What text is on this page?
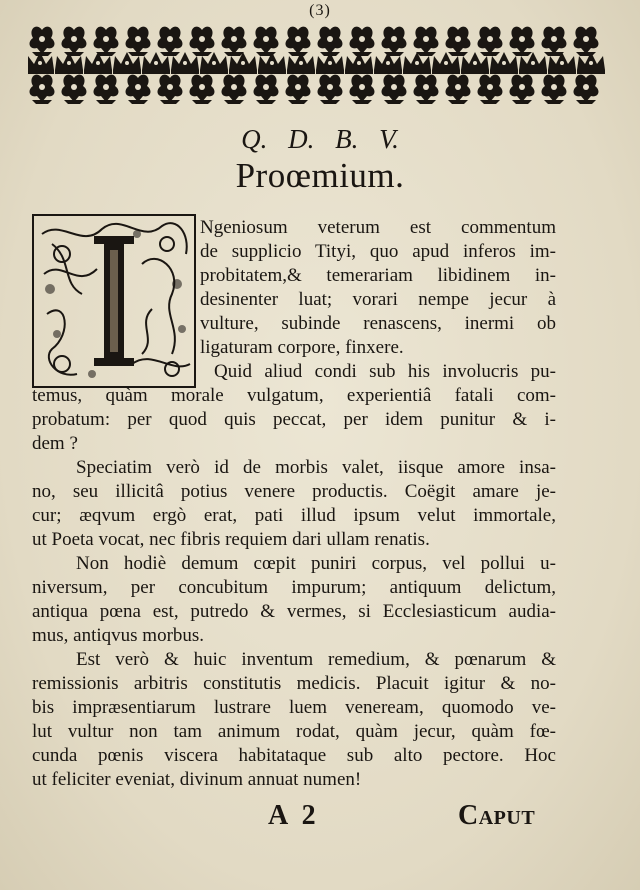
(3)
Q. D. B. V.
Proœmium.
Ngeniosum veterum est commentum
de supplicio Tityi, quo apud inferos im-
probitatem,& temerariam libidinem in-
desinenter luat; vorari nempe jecur à
vulture, subinde renascens, inermi ob
ligaturam corpore, finxere.
Quid aliud condi sub his involucris pu-
temus, quàm morale vulgatum, experientiâ fatali com-
probatum: per quod quis peccat, per idem punitur & i-
dem ?
Speciatim verò id de morbis valet, iisque amore insa-
no, seu illicitâ potius venere productis. Coëgit amare je-
cur; æqvum ergò erat, pati illud ipsum velut immortale,
ut Poeta vocat, nec fibris requiem dari ullam renatis.
Non hodiè demum cœpit puniri corpus, vel pollui u-
niversum, per concubitum impurum; antiquum delictum,
antiqua pœna est, putredo & vermes, si Ecclesiasticum audia-
mus, antiqvus morbus.
Est verò & huic inventum remedium, & pœnarum &
remissionis arbitris constitutis medicis. Placuit igitur & no-
bis impræsentiarum lustrare luem veneream, quomodo ve-
lut vultur non tam animum rodat, quàm jecur, quàm fœ-
cunda pœnis viscera habitataque sub alto pectore. Hoc
ut feliciter eveniat, divinum annuat numen!
A 2	Caput
